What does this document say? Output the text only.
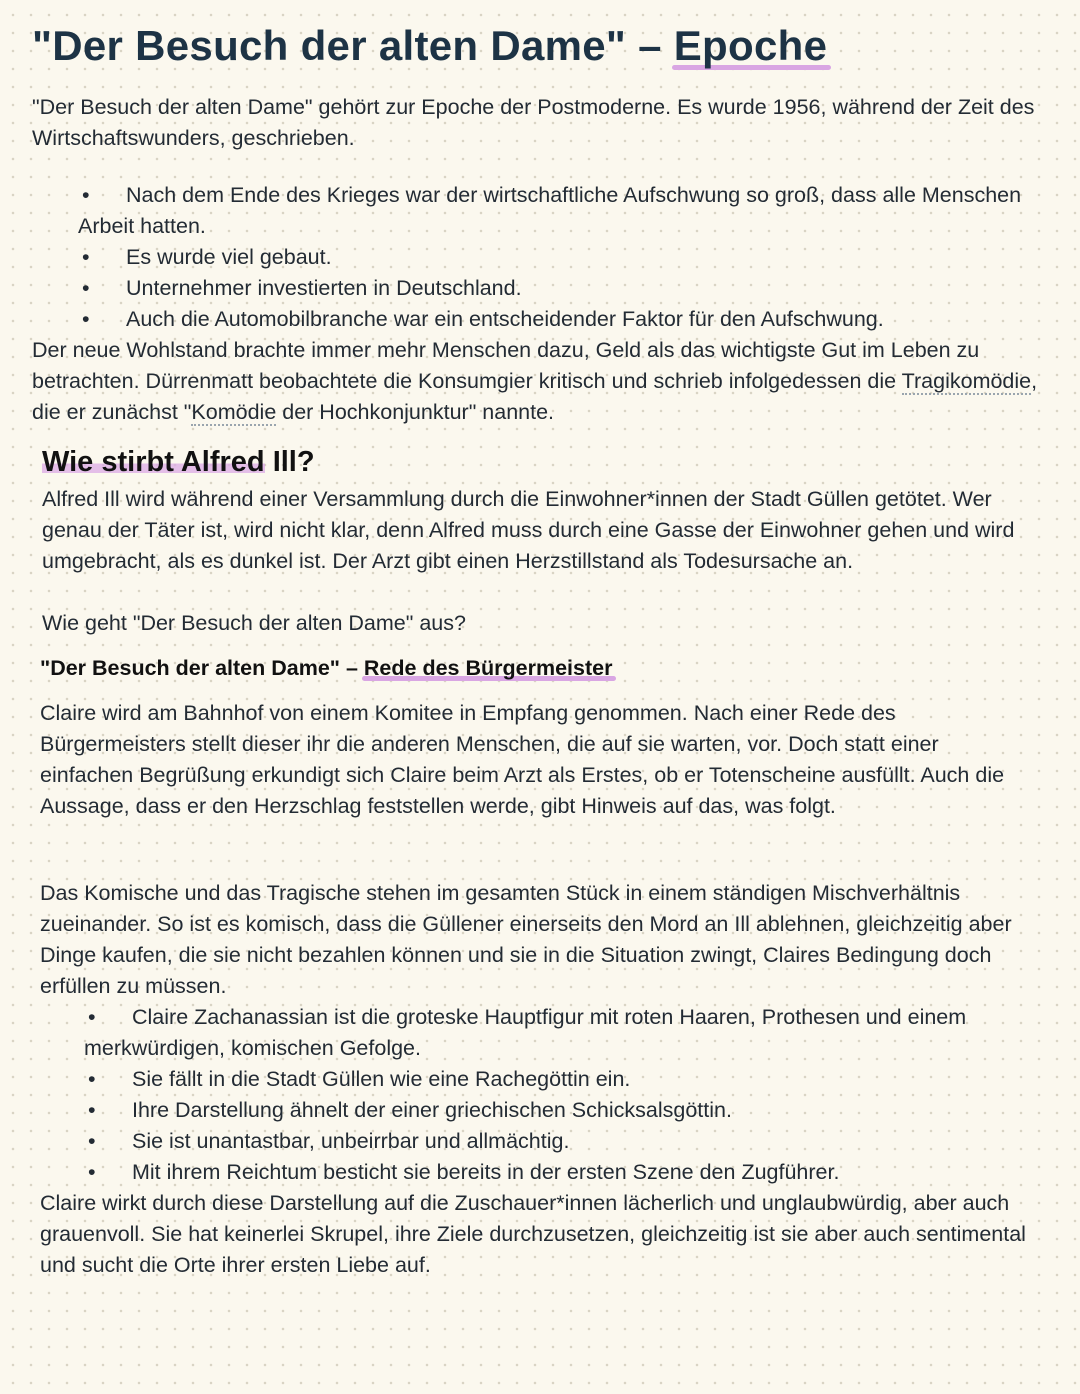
"Der Besuch der alten Dame" – Epoche

"Der Besuch der alten Dame" gehört zur Epoche der Postmoderne. Es wurde 1956, während der Zeit des Wirtschaftswunders, geschrieben.

• Nach dem Ende des Krieges war der wirtschaftliche Aufschwung so groß, dass alle Menschen Arbeit hatten.
• Es wurde viel gebaut.
• Unternehmer investierten in Deutschland.
• Auch die Automobilbranche war ein entscheidender Faktor für den Aufschwung.

Der neue Wohlstand brachte immer mehr Menschen dazu, Geld als das wichtigste Gut im Leben zu betrachten. Dürrenmatt beobachtete die Konsumgier kritisch und schrieb infolgedessen die Tragikomödie, die er zunächst "Komödie der Hochkonjunktur" nannte.

Wie stirbt Alfred Ill?

Alfred Ill wird während einer Versammlung durch die Einwohner*innen der Stadt Güllen getötet. Wer genau der Täter ist, wird nicht klar, denn Alfred muss durch eine Gasse der Einwohner gehen und wird umgebracht, als es dunkel ist. Der Arzt gibt einen Herzstillstand als Todesursache an.

Wie geht "Der Besuch der alten Dame" aus?

"Der Besuch der alten Dame" – Rede des Bürgermeister

Claire wird am Bahnhof von einem Komitee in Empfang genommen. Nach einer Rede des Bürgermeisters stellt dieser ihr die anderen Menschen, die auf sie warten, vor. Doch statt einer einfachen Begrüßung erkundigt sich Claire beim Arzt als Erstes, ob er Totenscheine ausfüllt. Auch die Aussage, dass er den Herzschlag feststellen werde, gibt Hinweis auf das, was folgt.

Das Komische und das Tragische stehen im gesamten Stück in einem ständigen Mischverhältnis zueinander. So ist es komisch, dass die Güllener einerseits den Mord an Ill ablehnen, gleichzeitig aber Dinge kaufen, die sie nicht bezahlen können und sie in die Situation zwingt, Claires Bedingung doch erfüllen zu müssen.

• Claire Zachanassian ist die groteske Hauptfigur mit roten Haaren, Prothesen und einem merkwürdigen, komischen Gefolge.
• Sie fällt in die Stadt Güllen wie eine Rachegöttin ein.
• Ihre Darstellung ähnelt der einer griechischen Schicksalsgöttin.
• Sie ist unantastbar, unbeirrbar und allmächtig.
• Mit ihrem Reichtum besticht sie bereits in der ersten Szene den Zugführer.

Claire wirkt durch diese Darstellung auf die Zuschauer*innen lächerlich und unglaubwürdig, aber auch grauenvoll. Sie hat keinerlei Skrupel, ihre Ziele durchzusetzen, gleichzeitig ist sie aber auch sentimental und sucht die Orte ihrer ersten Liebe auf.
